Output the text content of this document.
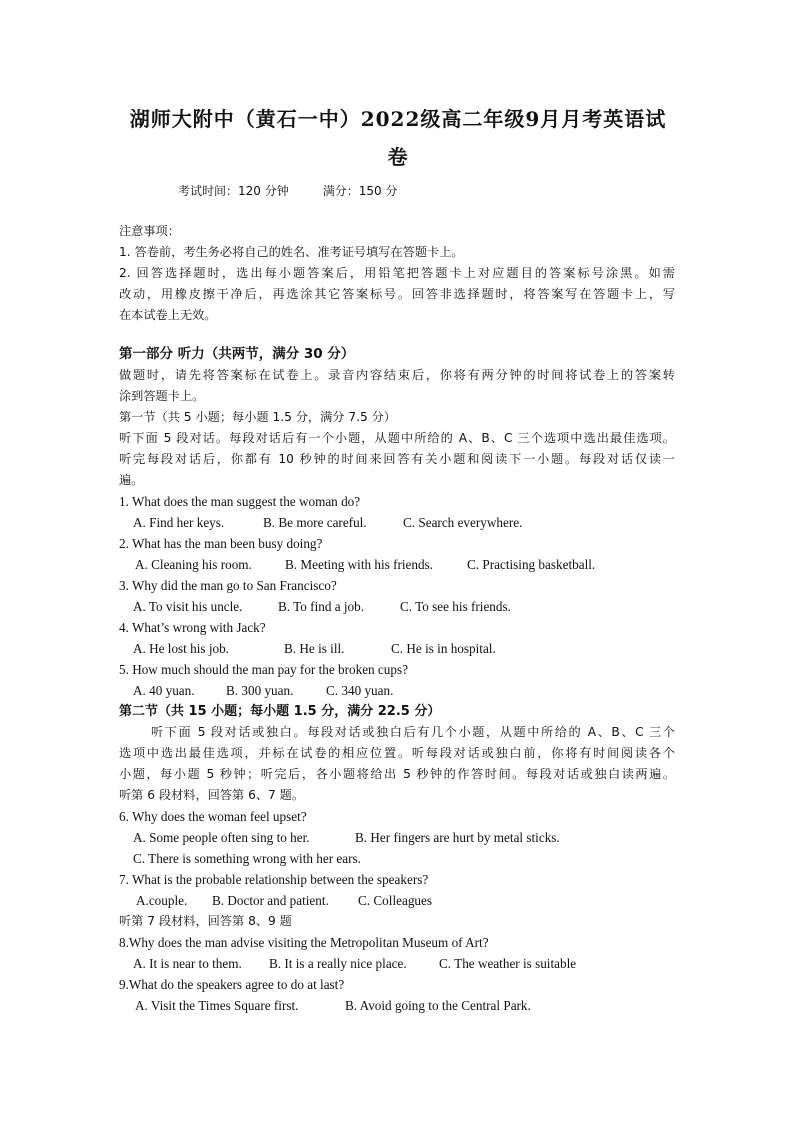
湖师大附中（黄石一中）2022级高二年级9月月考英语试
卷
考试时间：120 分钟	满分：150 分
注意事项：
1. 答卷前，考生务必将自己的姓名、准考证号填写在答题卡上。
2. 回答选择题时，选出每小题答案后，用铅笔把答题卡上对应题目的答案标号涂黑。如需
改动，用橡皮擦干净后，再选涂其它答案标号。回答非选择题时，将答案写在答题卡上，写
在本试卷上无效。
第一部分 听力（共两节，满分 30 分）
做题时，请先将答案标在试卷上。录音内容结束后，你将有两分钟的时间将试卷上的答案转
涂到答题卡上。
第一节（共 5 小题；每小题 1.5 分，满分 7.5 分）
听下面 5 段对话。每段对话后有一个小题，从题中所给的 A、B、C 三个选项中选出最佳选项。
听完每段对话后，你都有 10 秒钟的时间来回答有关小题和阅读下一小题。每段对话仅读一
遍。
1. What does the man suggest the woman do?
A. Find her keys.	B. Be more careful.	C. Search everywhere.
2. What has the man been busy doing?
A. Cleaning his room.	B. Meeting with his friends.	C. Practising basketball.
3. Why did the man go to San Francisco?
A. To visit his uncle.	B. To find a job.	C. To see his friends.
4. What’s wrong with Jack?
A. He lost his job.	B. He is ill.	C. He is in hospital.
5. How much should the man pay for the broken cups?
A. 40 yuan. B. 300 yuan. C. 340 yuan.
第二节（共 15 小题；每小题 1.5 分，满分 22.5 分）
听下面 5 段对话或独白。每段对话或独白后有几个小题，从题中所给的 A、B、C 三个
选项中选出最佳选项，并标在试卷的相应位置。听每段对话或独白前，你将有时间阅读各个
小题，每小题 5 秒钟；听完后，各小题将给出 5 秒钟的作答时间。每段对话或独白读两遍。
听第 6 段材料，回答第 6、7 题。
6. Why does the woman feel upset?
A. Some people often sing to her.	B. Her fingers are hurt by metal sticks.
C. There is something wrong with her ears.
7. What is the probable relationship between the speakers?
A.couple. B. Doctor and patient. C. Colleagues
听第 7 段材料，回答第 8、9 题
8.Why does the man advise visiting the Metropolitan Museum of Art?
A. It is near to them. B. It is a really nice place. C. The weather is suitable
9.What do the speakers agree to do at last?
A. Visit the Times Square first.	B. Avoid going to the Central Park.
